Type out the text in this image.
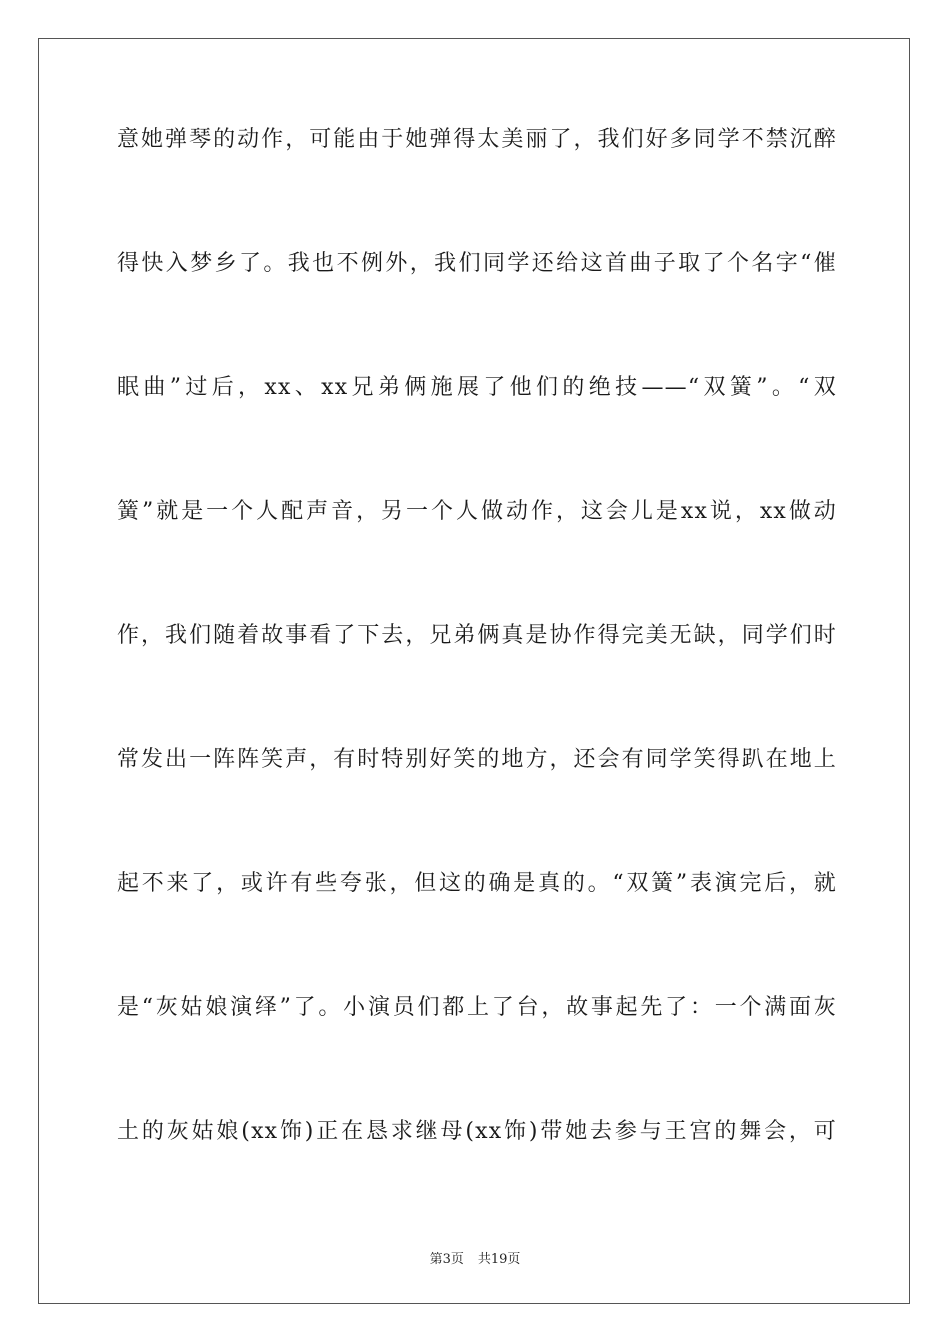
意她弹琴的动作，可能由于她弹得太美丽了，我们好多同学不禁沉醉

得快入梦乡了。我也不例外，我们同学还给这首曲子取了个名字“催

眠曲”过后，xx、xx兄弟俩施展了他们的绝技——“双簧”。“双

簧”就是一个人配声音，另一个人做动作，这会儿是xx说，xx做动

作，我们随着故事看了下去，兄弟俩真是协作得完美无缺，同学们时

常发出一阵阵笑声，有时特别好笑的地方，还会有同学笑得趴在地上

起不来了，或许有些夸张，但这的确是真的。“双簧”表演完后，就

是“灰姑娘演绎”了。小演员们都上了台，故事起先了：一个满面灰

土的灰姑娘(xx饰)正在恳求继母(xx饰)带她去参与王宫的舞会，可

第3页 共19页
